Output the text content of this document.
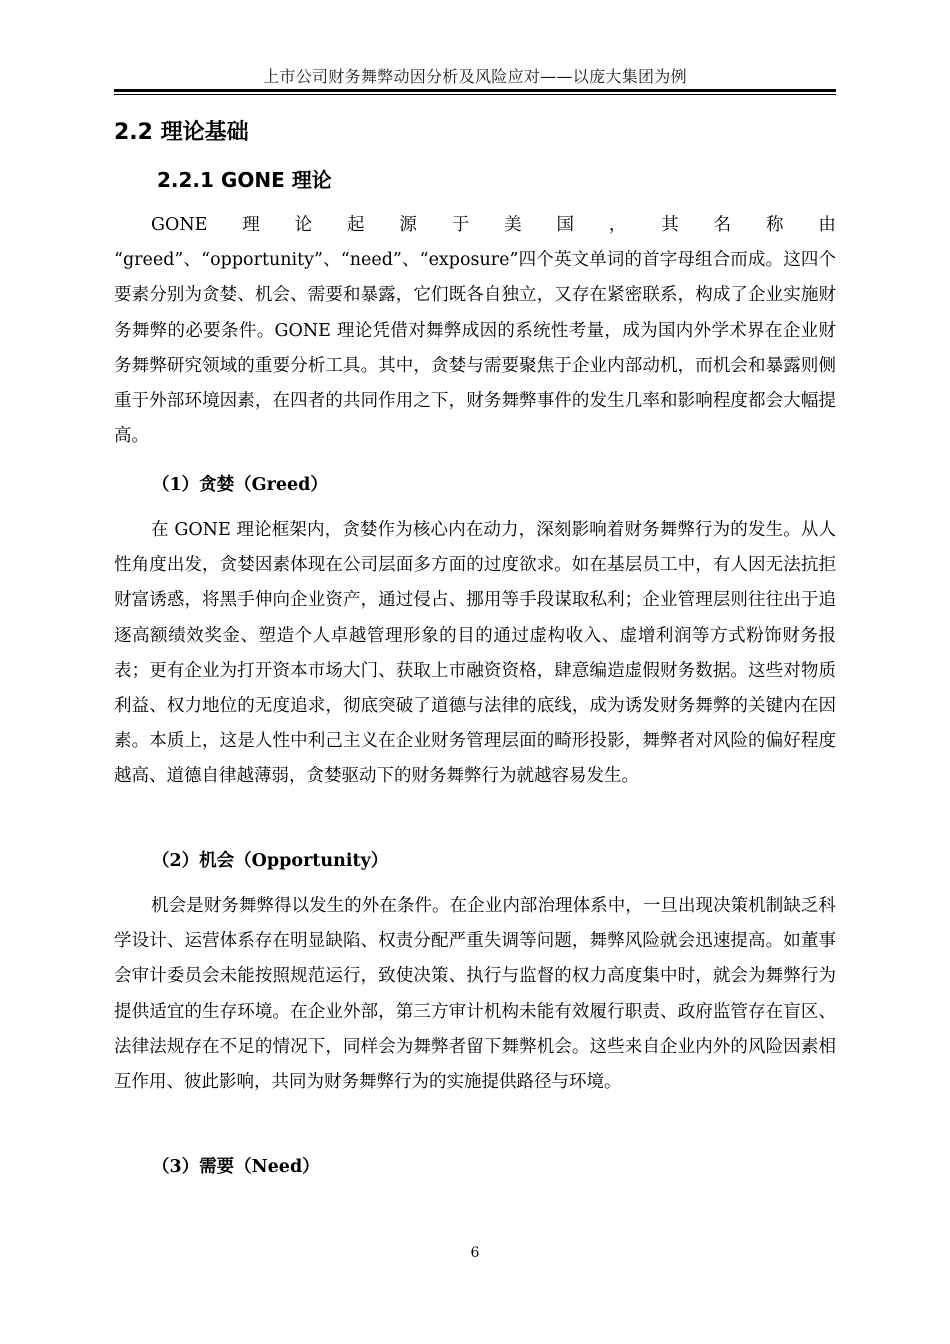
上市公司财务舞弊动因分析及风险应对——以庞大集团为例
2.2 理论基础
2.2.1 GONE 理论
GONE 理 论 起 源 于 美 国 ， 其 名 称 由
“greed”、“opportunity”、“need”、“exposure”四个英文单词的首字母组合而成。这四个要素分别为贪婪、机会、需要和暴露，它们既各自独立，又存在紧密联系，构成了企业实施财务舞弊的必要条件。GONE 理论凭借对舞弊成因的系统性考量，成为国内外学术界在企业财务舞弊研究领域的重要分析工具。其中，贪婪与需要聚焦于企业内部动机，而机会和暴露则侧重于外部环境因素，在四者的共同作用之下，财务舞弊事件的发生几率和影响程度都会大幅提高。
（1）贪婪（Greed）
在 GONE 理论框架内，贪婪作为核心内在动力，深刻影响着财务舞弊行为的发生。从人性角度出发，贪婪因素体现在公司层面多方面的过度欲求。如在基层员工中，有人因无法抗拒财富诱惑，将黑手伸向企业资产，通过侵占、挪用等手段谋取私利；企业管理层则往往出于追逐高额绩效奖金、塑造个人卓越管理形象的目的通过虚构收入、虚增利润等方式粉饰财务报表；更有企业为打开资本市场大门、获取上市融资资格，肆意编造虚假财务数据。这些对物质利益、权力地位的无度追求，彻底突破了道德与法律的底线，成为诱发财务舞弊的关键内在因素。本质上，这是人性中利己主义在企业财务管理层面的畸形投影，舞弊者对风险的偏好程度越高、道德自律越薄弱，贪婪驱动下的财务舞弊行为就越容易发生。
（2）机会（Opportunity）
机会是财务舞弊得以发生的外在条件。在企业内部治理体系中，一旦出现决策机制缺乏科学设计、运营体系存在明显缺陷、权责分配严重失调等问题，舞弊风险就会迅速提高。如董事会审计委员会未能按照规范运行，致使决策、执行与监督的权力高度集中时，就会为舞弊行为提供适宜的生存环境。在企业外部，第三方审计机构未能有效履行职责、政府监管存在盲区、法律法规存在不足的情况下，同样会为舞弊者留下舞弊机会。这些来自企业内外的风险因素相互作用、彼此影响，共同为财务舞弊行为的实施提供路径与环境。
（3）需要（Need）
6
